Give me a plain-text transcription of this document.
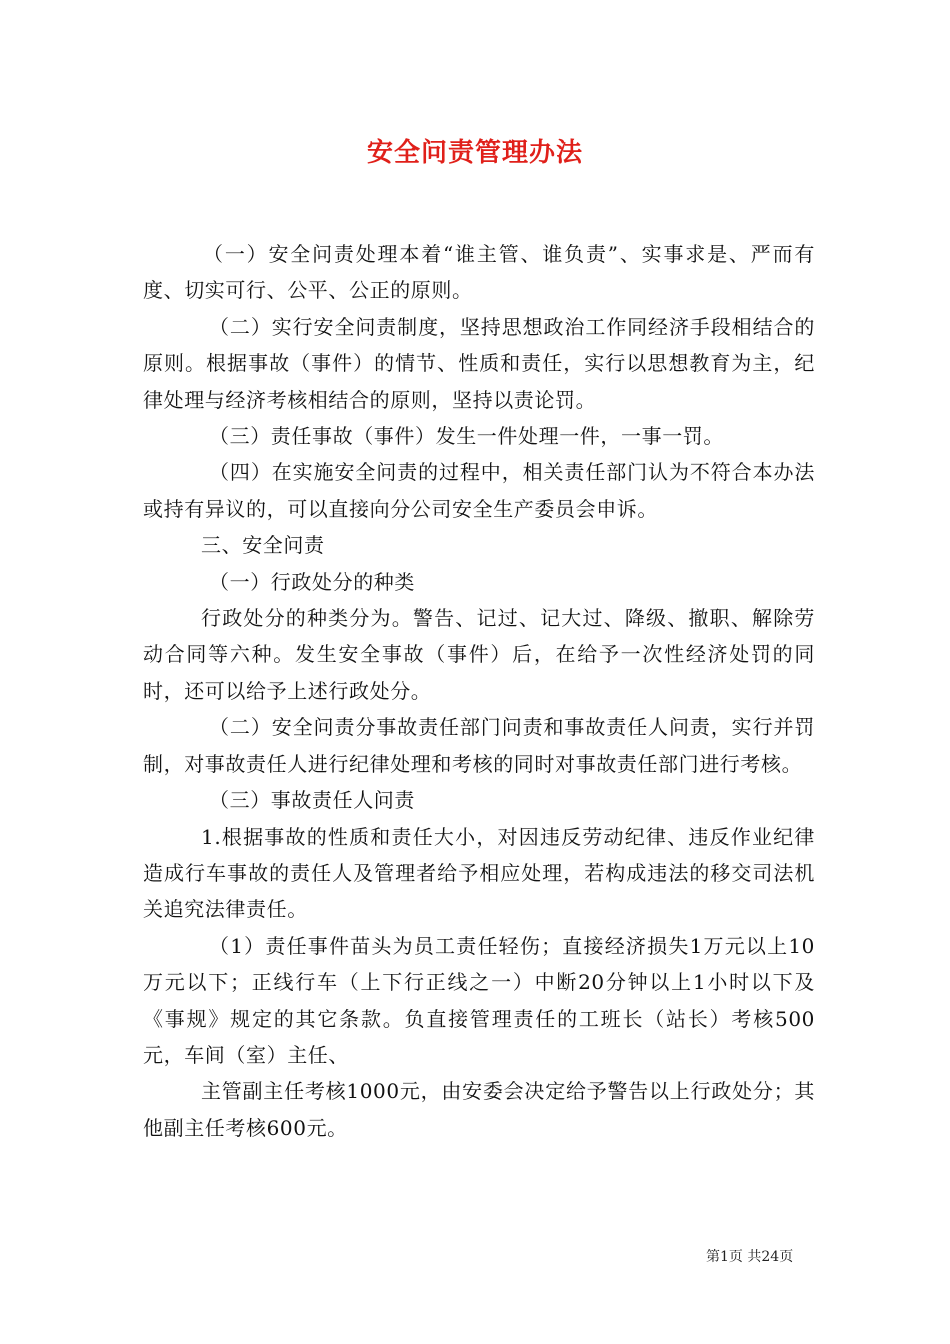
安全问责管理办法

（一）安全问责处理本着“谁主管、谁负责”、实事求是、严而有度、切实可行、公平、公正的原则。

（二）实行安全问责制度，坚持思想政治工作同经济手段相结合的原则。根据事故（事件）的情节、性质和责任，实行以思想教育为主，纪律处理与经济考核相结合的原则，坚持以责论罚。

（三）责任事故（事件）发生一件处理一件，一事一罚。

（四）在实施安全问责的过程中，相关责任部门认为不符合本办法或持有异议的，可以直接向分公司安全生产委员会申诉。

三、安全问责

（一）行政处分的种类

行政处分的种类分为。警告、记过、记大过、降级、撤职、解除劳动合同等六种。发生安全事故（事件）后，在给予一次性经济处罚的同时，还可以给予上述行政处分。

（二）安全问责分事故责任部门问责和事故责任人问责，实行并罚制，对事故责任人进行纪律处理和考核的同时对事故责任部门进行考核。

（三）事故责任人问责

1.根据事故的性质和责任大小，对因违反劳动纪律、违反作业纪律造成行车事故的责任人及管理者给予相应处理，若构成违法的移交司法机关追究法律责任。

（1）责任事件苗头为员工责任轻伤；直接经济损失1万元以上10万元以下；正线行车（上下行正线之一）中断20分钟以上1小时以下及《事规》规定的其它条款。负直接管理责任的工班长（站长）考核500元，车间（室）主任、

主管副主任考核1000元，由安委会决定给予警告以上行政处分；其他副主任考核600元。

第1页 共24页
